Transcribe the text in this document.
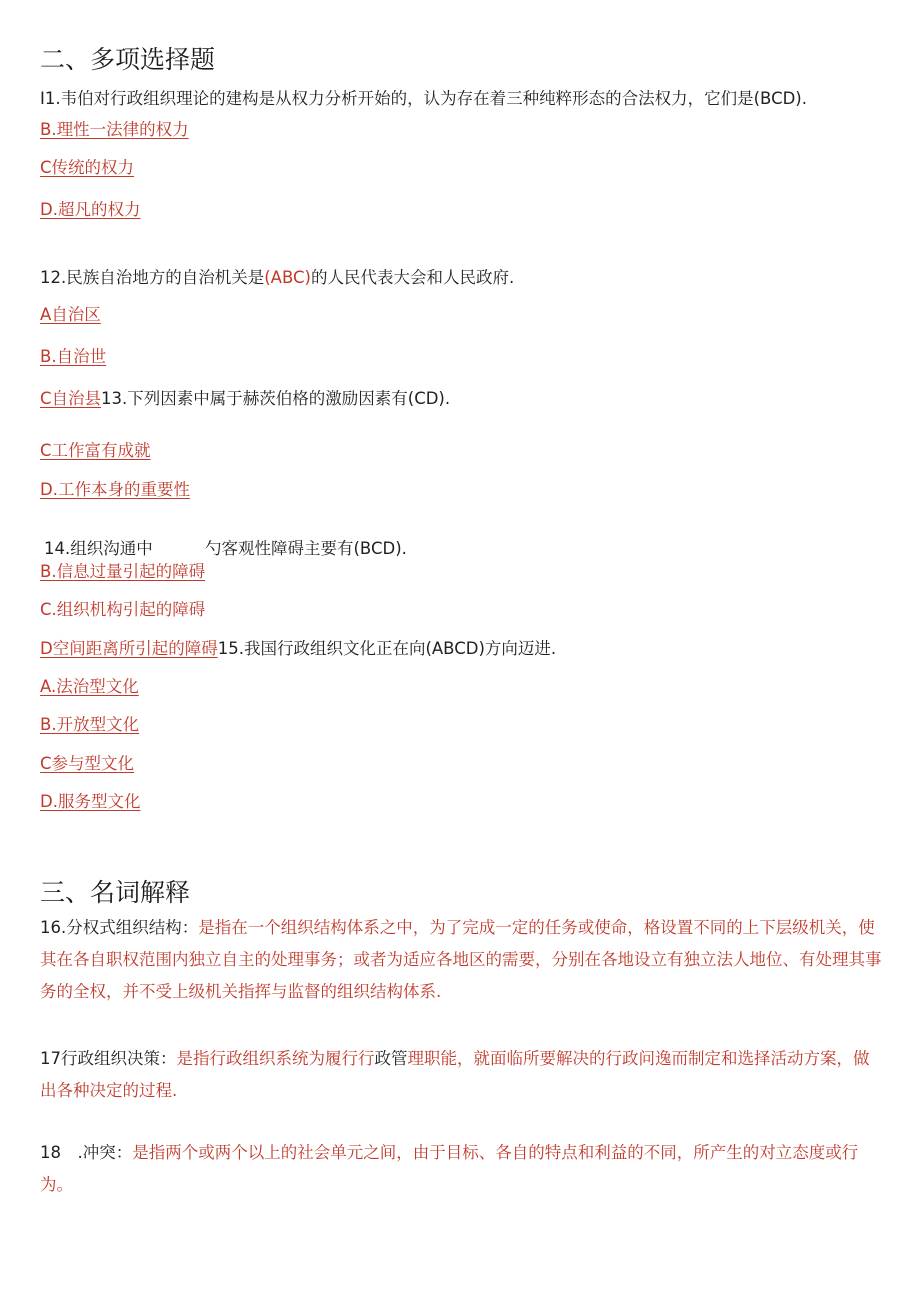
二、多项选择题
I1.韦伯对行政组织理论的建构是从权力分析开始的，认为存在着三种纯粹形态的合法权力，它们是(BCD).
B.理性一法律的权力
C传统的权力
D.超凡的权力
12.民族自治地方的自治机关是(ABC)的人民代表大会和人民政府.
A自治区
B.自治世
C自治县13.下列因素中属于赫茨伯格的激励因素有(CD).
C工作富有成就
D.工作本身的重要性
14.组织沟通中	勺客观性障碍主要有(BCD).
B.信息过量引起的障碍
C.组织机构引起的障碍
D空间距离所引起的障碍15.我国行政组织文化正在向(ABCD)方向迈进.
A.法治型文化
B.开放型文化
C参与型文化
D.服务型文化
三、名词解释
16.分权式组织结构：是指在一个组织结构体系之中，为了完成一定的任务或使命，格设置不同的上下层级机关，使其在各自职权范围内独立自主的处理事务；或者为适应各地区的需要，分别在各地设立有独立法人地位、有处理其事务的全权，并不受上级机关指挥与监督的组织结构体系.
17行政组织决策：是指行政组织系统为履行行政管理职能，就面临所要解决的行政问逸而制定和选择活动方案，做出各种决定的过程.
18　.冲突：是指两个或两个以上的社会单元之间，由于目标、各自的特点和利益的不同，所产生的对立态度或行为。
